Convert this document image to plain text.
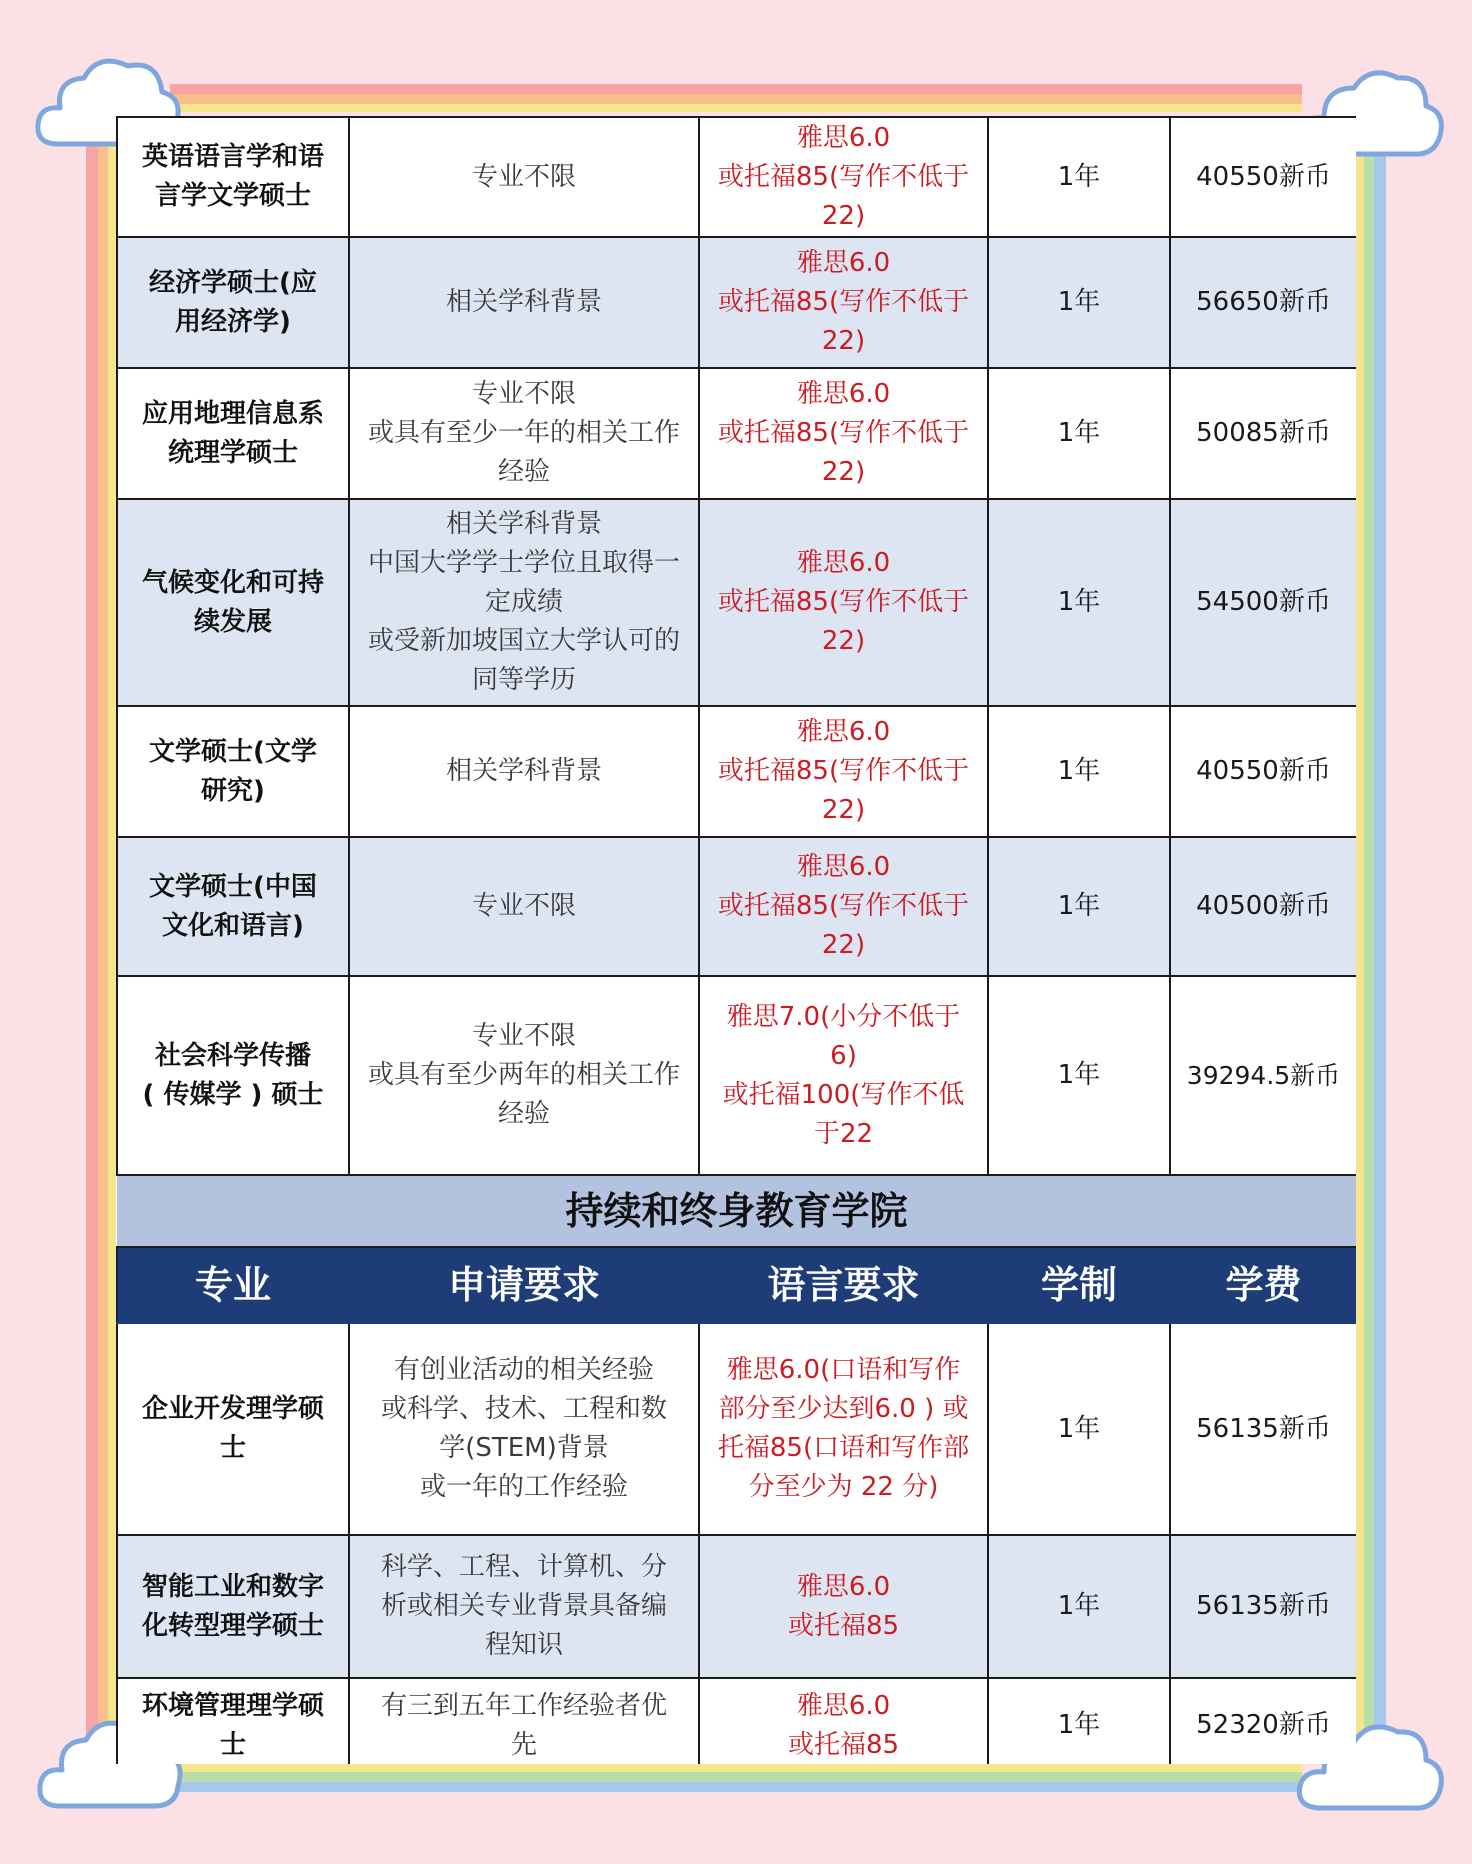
英语语言学和语
言学文学硕士	专业不限	雅思6.0
或托福85(写作不低于
22)	1年	40550新币
经济学硕士(应
用经济学)	相关学科背景	雅思6.0
或托福85(写作不低于
22)	1年	56650新币
应用地理信息系
统理学硕士	专业不限
或具有至少一年的相关工作
经验	雅思6.0
或托福85(写作不低于
22)	1年	50085新币
气候变化和可持
续发展	相关学科背景
中国大学学士学位且取得一
定成绩
或受新加坡国立大学认可的
同等学历	雅思6.0
或托福85(写作不低于
22)	1年	54500新币
文学硕士(文学
研究)	相关学科背景	雅思6.0
或托福85(写作不低于
22)	1年	40550新币
文学硕士(中国
文化和语言)	专业不限	雅思6.0
或托福85(写作不低于
22)	1年	40500新币
社会科学传播
( 传媒学 ) 硕士	专业不限
或具有至少两年的相关工作
经验	雅思7.0(小分不低于
6)
或托福100(写作不低
于22	1年	39294.5新币
持续和终身教育学院				
专业	申请要求	语言要求	学制	学费
企业开发理学硕
士	有创业活动的相关经验
或科学、技术、工程和数
学(STEM)背景
或一年的工作经验	雅思6.0(口语和写作
部分至少达到6.0 ) 或
托福85(口语和写作部
分至少为 22 分)	1年	56135新币
智能工业和数字
化转型理学硕士	科学、工程、计算机、分
析或相关专业背景具备编
程知识	雅思6.0
或托福85	1年	56135新币
环境管理理学硕
士	有三到五年工作经验者优
先	雅思6.0
或托福85	1年	52320新币
